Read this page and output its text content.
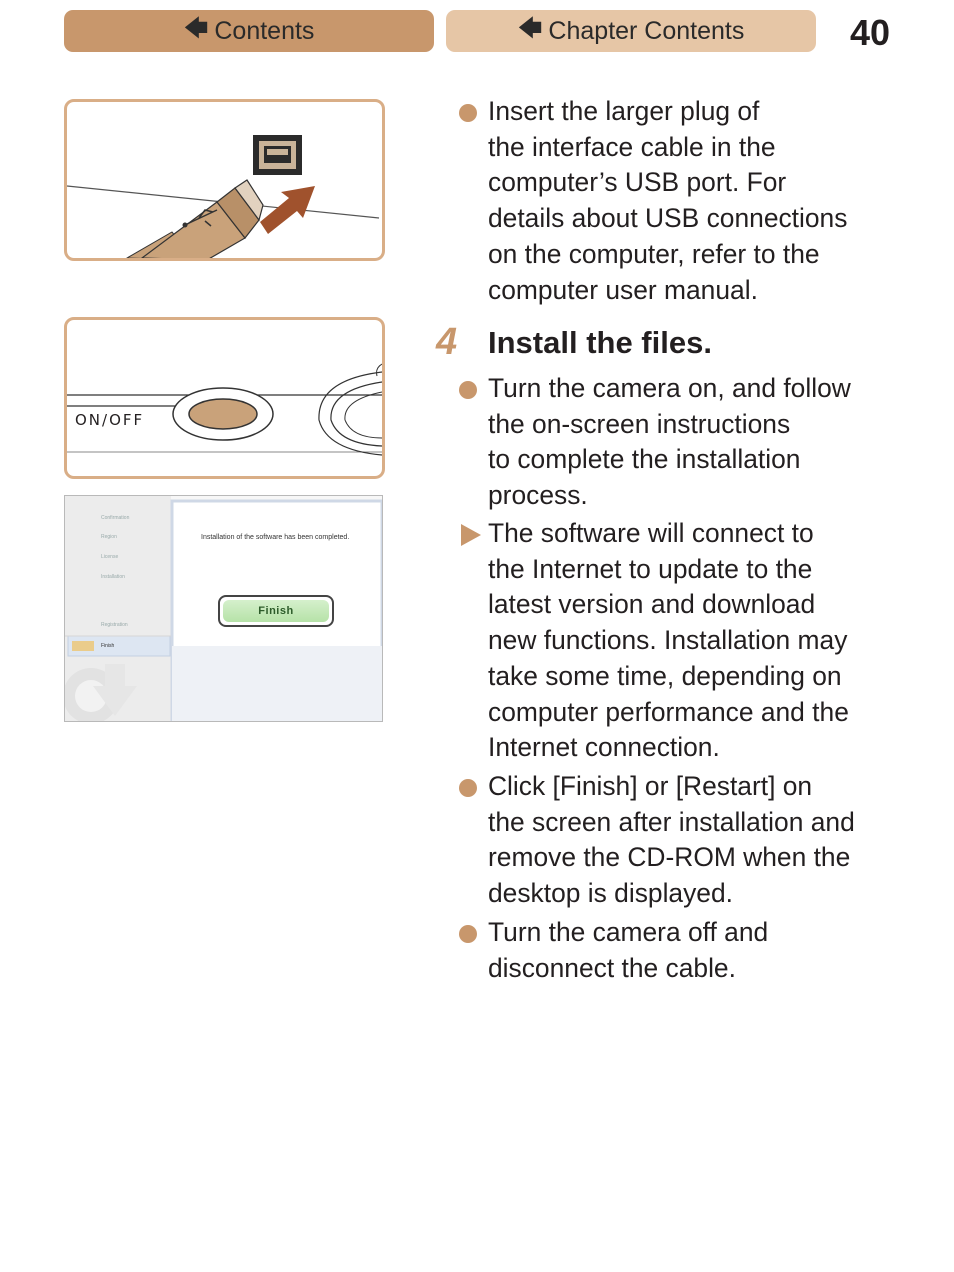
🡄 Contents	🡄 Chapter Contents	40
ON/OFF
Confirmation
Region
License
Installation
Registration
Finish
Installation of the software has been completed.
Finish
4 Install the files.
Insert the larger plug of
the interface cable in the
computer’s USB port. For
details about USB connections
on the computer, refer to the
computer user manual.
Turn the camera on, and follow
the on-screen instructions
to complete the installation
process.
The software will connect to
the Internet to update to the
latest version and download
new functions. Installation may
take some time, depending on
computer performance and the
Internet connection.
Click [Finish] or [Restart] on
the screen after installation and
remove the CD-ROM when the
desktop is displayed.
Turn the camera off and
disconnect the cable.
